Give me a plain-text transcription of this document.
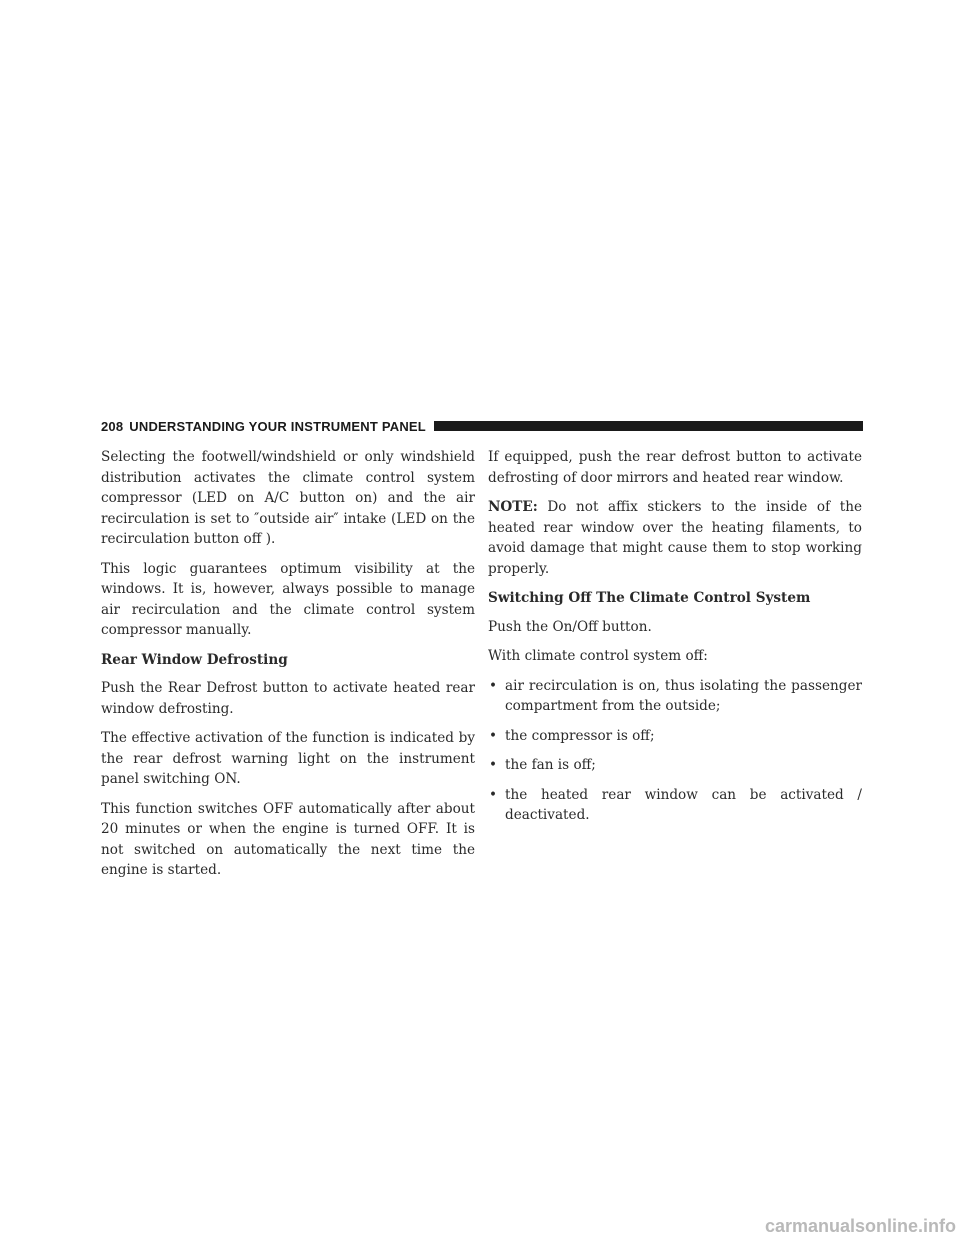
208 UNDERSTANDING YOUR INSTRUMENT PANEL

Selecting the footwell/windshield or only windshield distribution activates the climate control system compressor (LED on A/C button on) and the air recirculation is set to ″outside air″ intake (LED on the recirculation button off ).

This logic guarantees optimum visibility at the windows. It is, however, always possible to manage air recirculation and the climate control system compressor manually.

Rear Window Defrosting

Push the Rear Defrost button to activate heated rear window defrosting.

The effective activation of the function is indicated by the rear defrost warning light on the instrument panel switching ON.

This function switches OFF automatically after about 20 minutes or when the engine is turned OFF. It is not switched on automatically the next time the engine is started.

If equipped, push the rear defrost button to activate defrosting of door mirrors and heated rear window.

NOTE: Do not affix stickers to the inside of the heated rear window over the heating filaments, to avoid damage that might cause them to stop working properly.

Switching Off The Climate Control System

Push the On/Off button.

With climate control system off:

• air recirculation is on, thus isolating the passenger compartment from the outside;
• the compressor is off;
• the fan is off;
• the heated rear window can be activated / deactivated.
carmanualsonline.info
